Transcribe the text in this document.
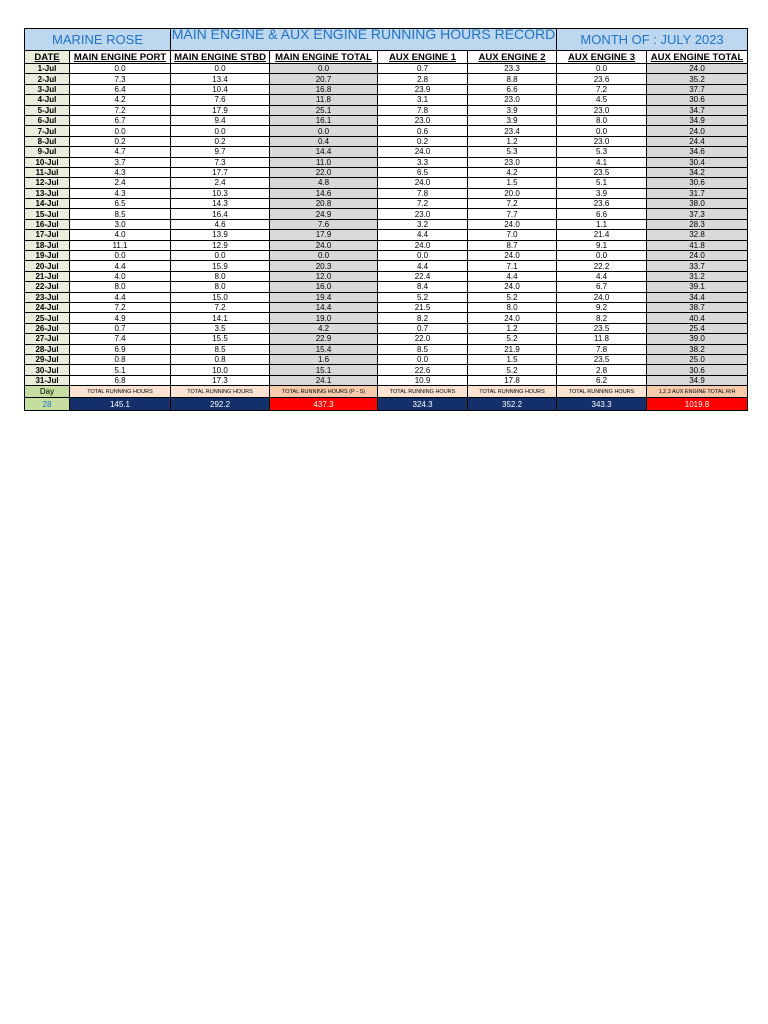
MARINE ROSE		MAIN ENGINE & AUX ENGINE RUNNING HOURS RECORD				MONTH OF : JULY 2023	
DATE	MAIN ENGINE PORT	MAIN ENGINE STBD	MAIN ENGINE TOTAL	AUX ENGINE 1	AUX ENGINE 2	AUX ENGINE 3	AUX ENGINE TOTAL
1-Jul	0.0	0.0	0.0	0.7	23.3	0.0	24.0
2-Jul	7.3	13.4	20.7	2.8	8.8	23.6	35.2
3-Jul	6.4	10.4	16.8	23.9	6.6	7.2	37.7
4-Jul	4.2	7.6	11.8	3.1	23.0	4.5	30.6
5-Jul	7.2	17.9	25.1	7.8	3.9	23.0	34.7
6-Jul	6.7	9.4	16.1	23.0	3.9	8.0	34.9
7-Jul	0.0	0.0	0.0	0.6	23.4	0.0	24.0
8-Jul	0.2	0.2	0.4	0.2	1.2	23.0	24.4
9-Jul	4.7	9.7	14.4	24.0	5.3	5.3	34.6
10-Jul	3.7	7.3	11.0	3.3	23.0	4.1	30.4
11-Jul	4.3	17.7	22.0	6.5	4.2	23.5	34.2
12-Jul	2.4	2.4	4.8	24.0	1.5	5.1	30.6
13-Jul	4.3	10.3	14.6	7.8	20.0	3.9	31.7
14-Jul	6.5	14.3	20.8	7.2	7.2	23.6	38.0
15-Jul	8.5	16.4	24.9	23.0	7.7	6.6	37.3
16-Jul	3.0	4.6	7.6	3.2	24.0	1.1	28.3
17-Jul	4.0	13.9	17.9	4.4	7.0	21.4	32.8
18-Jul	11.1	12.9	24.0	24.0	8.7	9.1	41.8
19-Jul	0.0	0.0	0.0	0.0	24.0	0.0	24.0
20-Jul	4.4	15.9	20.3	4.4	7.1	22.2	33.7
21-Jul	4.0	8.0	12.0	22.4	4.4	4.4	31.2
22-Jul	8.0	8.0	16.0	8.4	24.0	6.7	39.1
23-Jul	4.4	15.0	19.4	5.2	5.2	24.0	34.4
24-Jul	7.2	7.2	14.4	21.5	8.0	9.2	38.7
25-Jul	4.9	14.1	19.0	8.2	24.0	8.2	40.4
26-Jul	0.7	3.5	4.2	0.7	1.2	23.5	25.4
27-Jul	7.4	15.5	22.9	22.0	5.2	11.8	39.0
28-Jul	6.9	8.5	15.4	8.5	21.9	7.8	38.2
29-Jul	0.8	0.8	1.6	0.0	1.5	23.5	25.0
30-Jul	5.1	10.0	15.1	22.6	5.2	2.8	30.6
31-Jul	6.8	17.3	24.1	10.9	17.8	6.2	34.9
Day	TOTAL RUNNING HOURS	TOTAL RUNNING HOURS	TOTAL RUNNING HOURS (P - S)	TOTAL RUNNING HOURS	TOTAL RUNNING HOURS	TOTAL RUNNING HOURS	1,2,3 AUX ENGINE TOTAL R/H
28	145.1	292.2	437.3	324.3	352.2	343.3	1019.8
